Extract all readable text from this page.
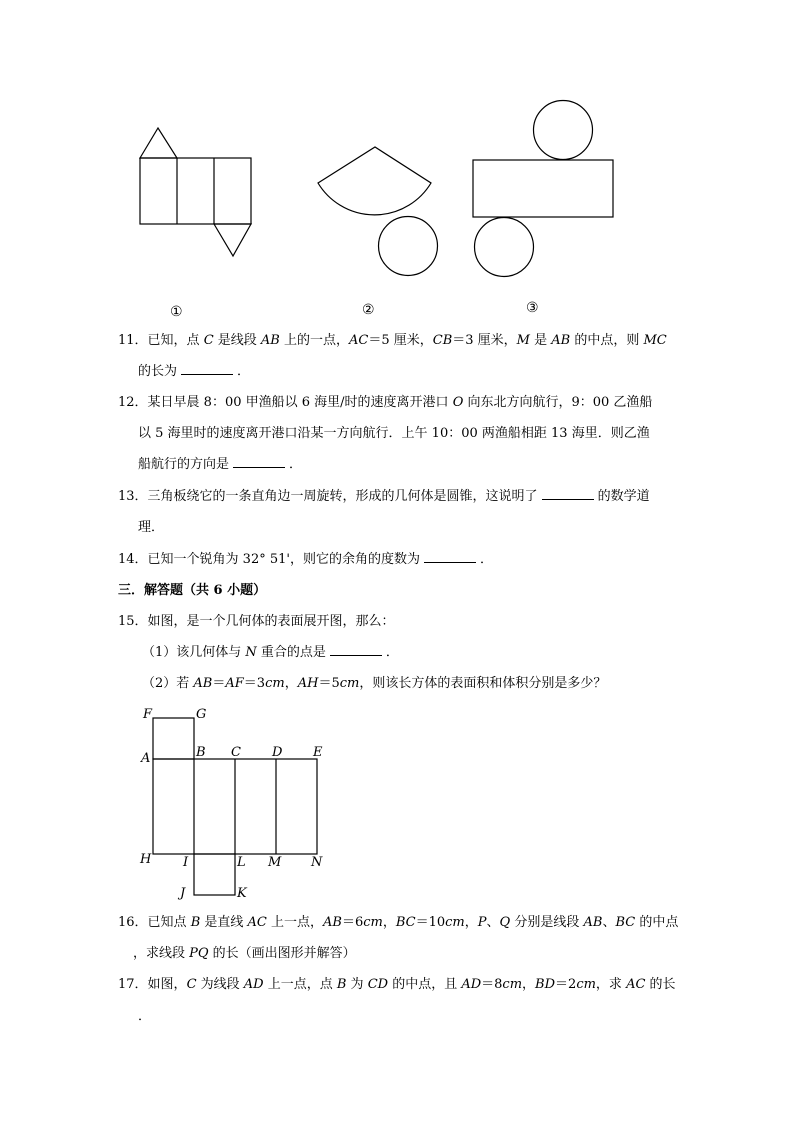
①	②	③
11．已知，点 C 是线段 AB 上的一点，AC＝5 厘米，CB＝3 厘米，M 是 AB 的中点，则 MC
的长为	．
12．某日早晨 8：00 甲渔船以 6 海里/时的速度离开港口 O 向东北方向航行，9：00 乙渔船
以 5 海里时的速度离开港口沿某一方向航行．上午 10：00 两渔船相距 13 海里．则乙渔
船航行的方向是	．
13．三角板绕它的一条直角边一周旋转，形成的几何体是圆锥，这说明了	的数学道
理．
14．已知一个锐角为 32° 51'，则它的余角的度数为	．
三．解答题（共 6 小题）
15．如图，是一个几何体的表面展开图，那么：
（1）该几何体与 N 重合的点是	．
（2）若 AB＝AF＝3cm，AH＝5cm，则该长方体的表面积和体积分别是多少？
F	G
A	B C D E
H I	L M N
J	K
16．已知点 B 是直线 AC 上一点，AB＝6cm，BC＝10cm，P、Q 分别是线段 AB、BC 的中点
，求线段 PQ 的长（画出图形并解答）
17．如图，C 为线段 AD 上一点，点 B 为 CD 的中点，且 AD＝8cm，BD＝2cm，求 AC 的长
．
